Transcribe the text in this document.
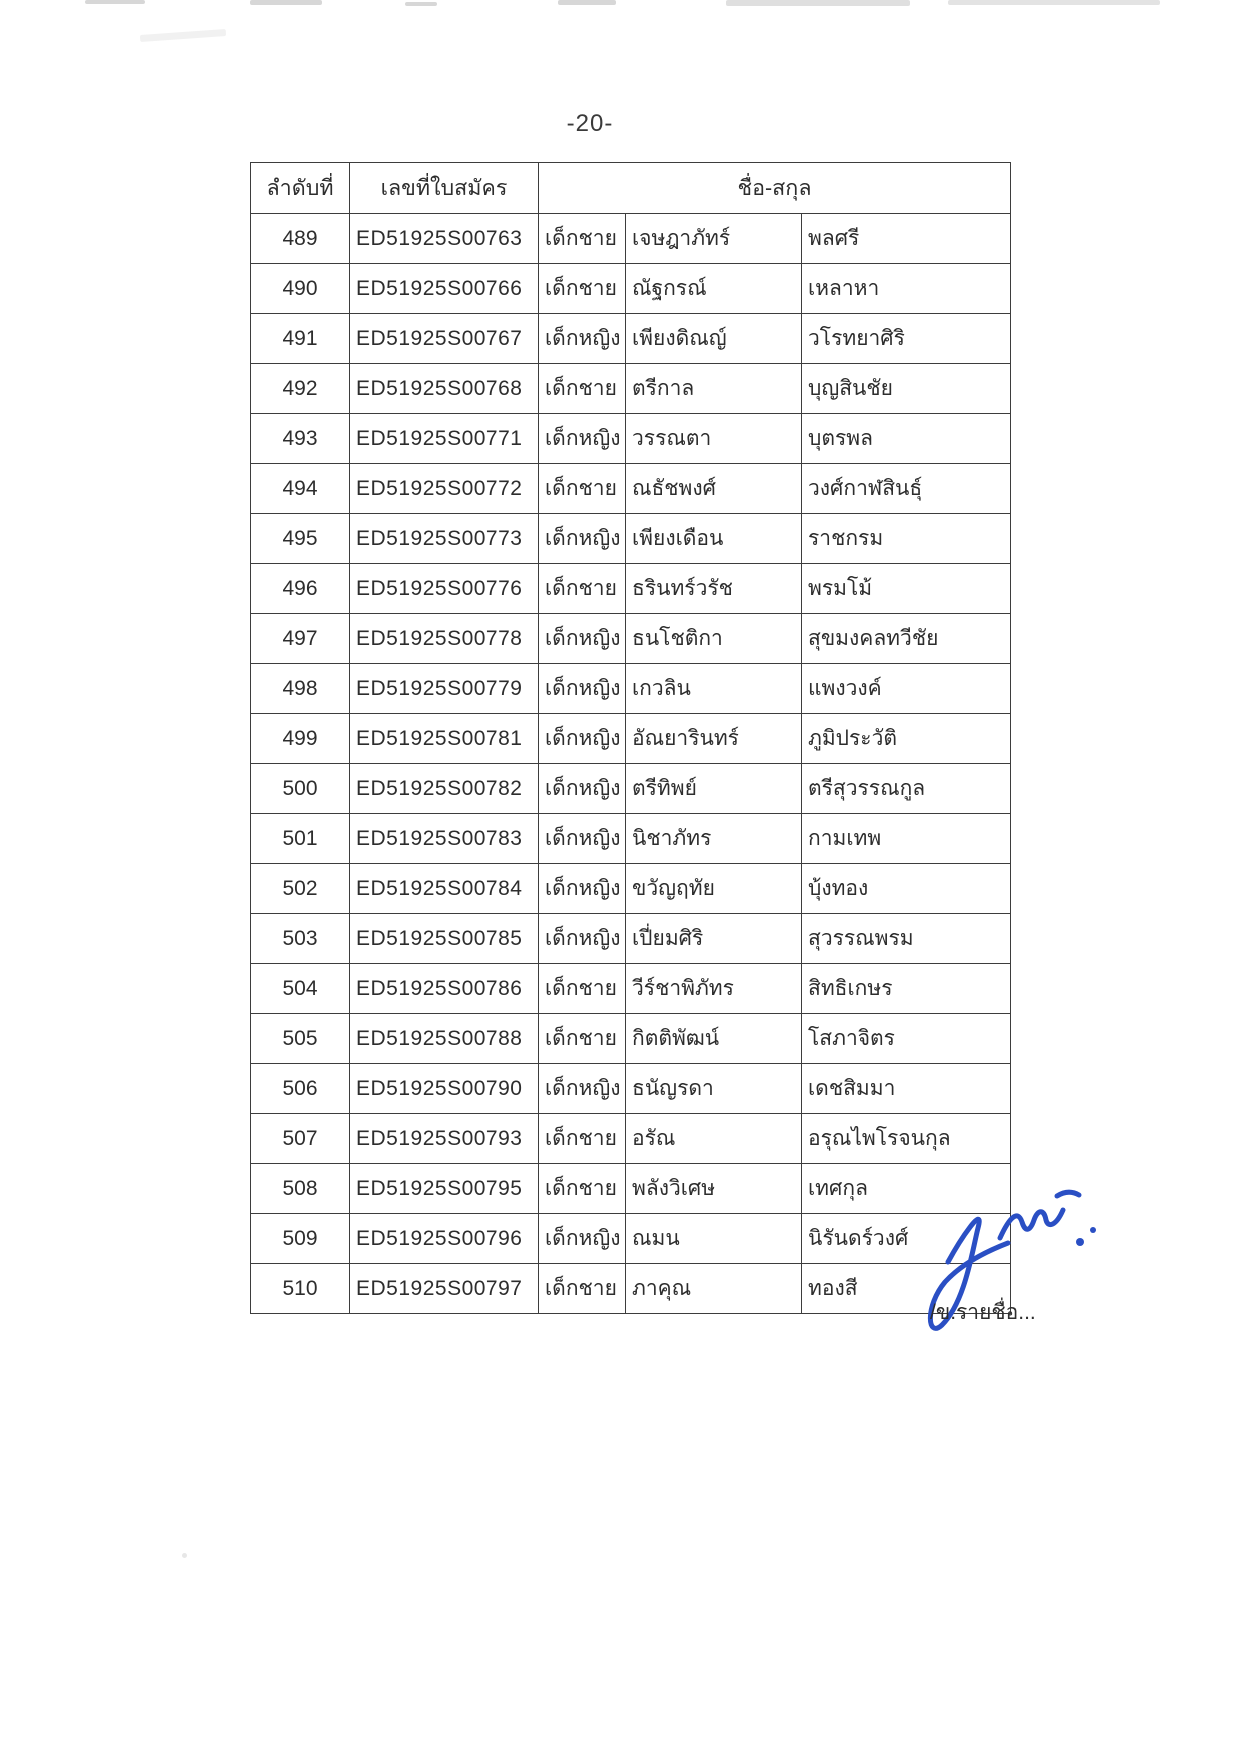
-20-
ลำดับที่	เลขที่ใบสมัคร	ชื่อ-สกุล		
489	ED51925S00763	เด็กชาย	เจษฎาภัทร์	พลศรี
490	ED51925S00766	เด็กชาย	ณัฐกรณ์	เหลาหา
491	ED51925S00767	เด็กหญิง	เพียงดิณญ์	วโรทยาศิริ
492	ED51925S00768	เด็กชาย	ตรีกาล	บุญสินชัย
493	ED51925S00771	เด็กหญิง	วรรณตา	บุตรพล
494	ED51925S00772	เด็กชาย	ณธัชพงศ์	วงศ์กาฬสินธุ์
495	ED51925S00773	เด็กหญิง	เพียงเดือน	ราชกรม
496	ED51925S00776	เด็กชาย	ธรินทร์วรัช	พรมโม้
497	ED51925S00778	เด็กหญิง	ธนโชติกา	สุขมงคลทวีชัย
498	ED51925S00779	เด็กหญิง	เกวลิน	แพงวงค์
499	ED51925S00781	เด็กหญิง	อัณยารินทร์	ภูมิประวัติ
500	ED51925S00782	เด็กหญิง	ตรีทิพย์	ตรีสุวรรณกูล
501	ED51925S00783	เด็กหญิง	นิชาภัทร	กามเทพ
502	ED51925S00784	เด็กหญิง	ขวัญฤทัย	บุ้งทอง
503	ED51925S00785	เด็กหญิง	เปี่ยมศิริ	สุวรรณพรม
504	ED51925S00786	เด็กชาย	วีร์ชาพิภัทร	สิทธิเกษร
505	ED51925S00788	เด็กชาย	กิตติพัฒน์	โสภาจิตร
506	ED51925S00790	เด็กหญิง	ธนัญรดา	เดชสิมมา
507	ED51925S00793	เด็กชาย	อรัณ	อรุณไพโรจนกุล
508	ED51925S00795	เด็กชาย	พลังวิเศษ	เทศกุล
509	ED51925S00796	เด็กหญิง	ณมน	นิรันดร์วงศ์
510	ED51925S00797	เด็กชาย	ภาคุณ	ทองสี
/ข.รายชื่อ...
